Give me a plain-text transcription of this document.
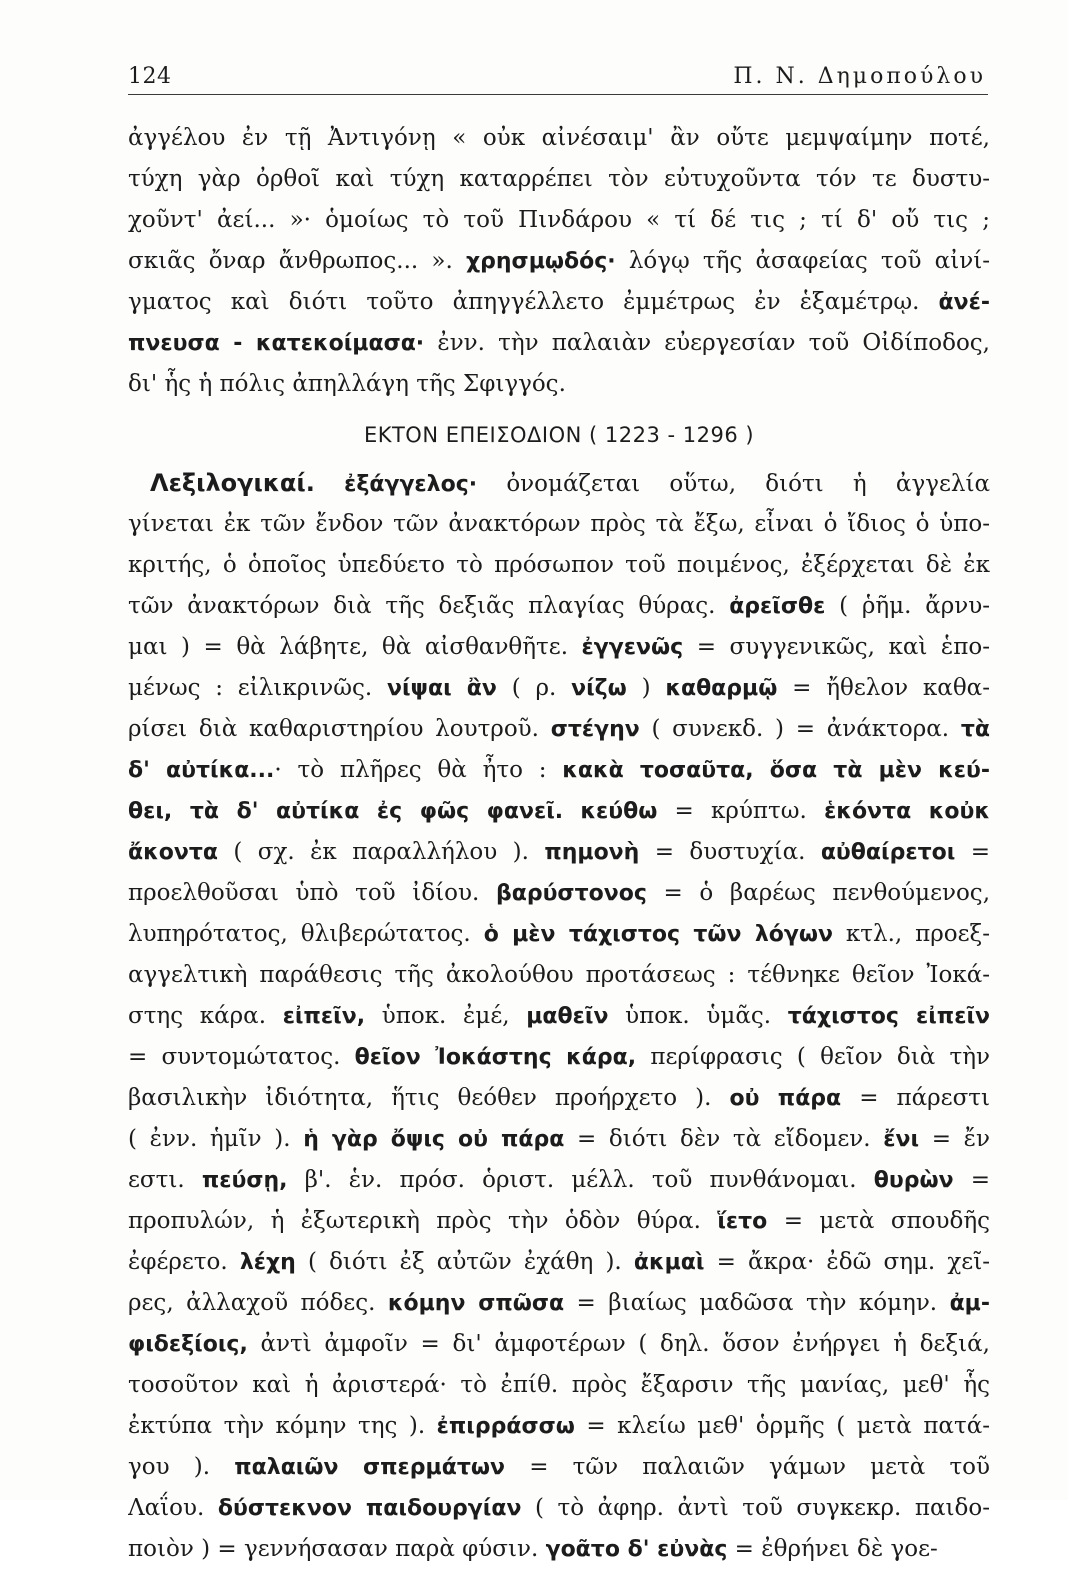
124	Π. Ν. Δημοπούλου
ἀγγέλου ἐν τῇ Ἀντιγόνῃ « οὐκ αἰνέσαιμ' ἂν οὔτε μεμψαίμην ποτέ,
τύχη γὰρ ὀρθοῖ καὶ τύχη καταρρέπει τὸν εὐτυχοῦντα τόν τε δυστυ-
χοῦντ' ἀεί... »· ὁμοίως τὸ τοῦ Πινδάρου « τί δέ τις ; τί δ' οὔ τις ;
σκιᾶς ὄναρ ἄνθρωπος... ». χρησμῳδός· λόγῳ τῆς ἀσαφείας τοῦ αἰνί-
γματος καὶ διότι τοῦτο ἀπηγγέλλετο ἐμμέτρως ἐν ἑξαμέτρῳ. ἀνέ-
πνευσα - κατεκοίμασα· ἐνν. τὴν παλαιὰν εὐεργεσίαν τοῦ Οἰδίποδος,
δι' ἧς ἡ πόλις ἀπηλλάγη τῆς Σφιγγός.
ΕΚΤΟΝ ΕΠΕΙΣΟΔΙΟΝ ( 1223 - 1296 )
Λεξιλογικαί. ἐξάγγελος· ὀνομάζεται οὕτω, διότι ἡ ἀγγελία
γίνεται ἐκ τῶν ἔνδον τῶν ἀνακτόρων πρὸς τὰ ἔξω, εἶναι ὁ ἴδιος ὁ ὑπο-
κριτής, ὁ ὁποῖος ὑπεδύετο τὸ πρόσωπον τοῦ ποιμένος, ἐξέρχεται δὲ ἐκ
τῶν ἀνακτόρων διὰ τῆς δεξιᾶς πλαγίας θύρας. ἀρεῖσθε ( ῥῆμ. ἄρνυ-
μαι ) = θὰ λάβητε, θὰ αἰσθανθῆτε. ἐγγενῶς = συγγενικῶς, καὶ ἑπο-
μένως : εἰλικρινῶς. νίψαι ἂν ( ρ. νίζω ) καθαρμῷ = ἤθελον καθα-
ρίσει διὰ καθαριστηρίου λουτροῦ. στέγην ( συνεκδ. ) = ἀνάκτορα. τὰ
δ' αὐτίκα...· τὸ πλῆρες θὰ ἦτο : κακὰ τοσαῦτα, ὅσα τὰ μὲν κεύ-
θει, τὰ δ' αὐτίκα ἐς φῶς φανεῖ. κεύθω = κρύπτω. ἑκόντα κοὐκ
ἄκοντα ( σχ. ἐκ παραλλήλου ). πημονὴ = δυστυχία. αὐθαίρετοι =
προελθοῦσαι ὑπὸ τοῦ ἰδίου. βαρύστονος = ὁ βαρέως πενθούμενος,
λυπηρότατος, θλιβερώτατος. ὁ μὲν τάχιστος τῶν λόγων κτλ., προεξ-
αγγελτικὴ παράθεσις τῆς ἀκολούθου προτάσεως : τέθνηκε θεῖον Ἰοκά-
στης κάρα. εἰπεῖν, ὑποκ. ἐμέ, μαθεῖν ὑποκ. ὑμᾶς. τάχιστος εἰπεῖν
= συντομώτατος. θεῖον Ἰοκάστης κάρα, περίφρασις ( θεῖον διὰ τὴν
βασιλικὴν ἰδιότητα, ἥτις θεόθεν προήρχετο ). οὐ πάρα = πάρεστι
( ἐνν. ἡμῖν ). ἡ γὰρ ὄψις οὐ πάρα = διότι δὲν τὰ εἴδομεν. ἔνι = ἔν
εστι. πεύσῃ, β'. ἑν. πρόσ. ὁριστ. μέλλ. τοῦ πυνθάνομαι. θυρὼν =
προπυλών, ἡ ἐξωτερικὴ πρὸς τὴν ὁδὸν θύρα. ἵετο = μετὰ σπουδῆς
ἐφέρετο. λέχη ( διότι ἐξ αὐτῶν ἐχάθη ). ἀκμαὶ = ἄκρα· ἐδῶ σημ. χεῖ-
ρες, ἀλλαχοῦ πόδες. κόμην σπῶσα = βιαίως μαδῶσα τὴν κόμην. ἀμ-
φιδεξίοις, ἀντὶ ἀμφοῖν = δι' ἀμφοτέρων ( δηλ. ὅσον ἐνήργει ἡ δεξιά,
τοσοῦτον καὶ ἡ ἀριστερά· τὸ ἐπίθ. πρὸς ἔξαρσιν τῆς μανίας, μεθ' ἧς
ἐκτύπα τὴν κόμην της ). ἐπιρράσσω = κλείω μεθ' ὁρμῆς ( μετὰ πατά-
γου ). παλαιῶν σπερμάτων = τῶν παλαιῶν γάμων μετὰ τοῦ
Λαΐου. δύστεκνον παιδουργίαν ( τὸ ἀφηρ. ἀντὶ τοῦ συγκεκρ. παιδο-
ποιὸν ) = γεννήσασαν παρὰ φύσιν. γοᾶτο δ' εὐνὰς = ἐθρήνει δὲ γοε-
